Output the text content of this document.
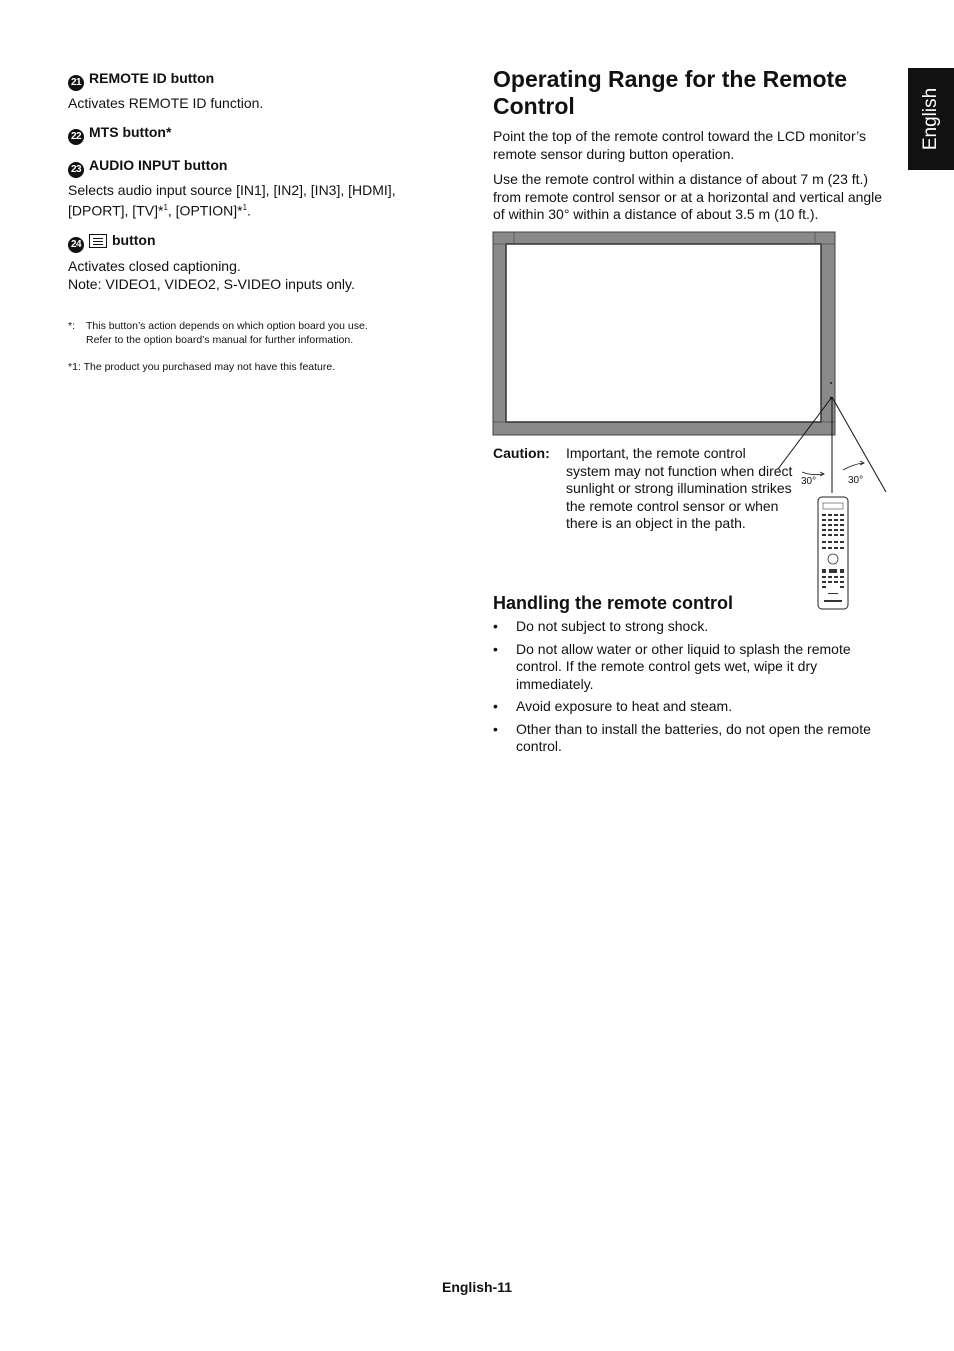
English
21 REMOTE ID button
Activates REMOTE ID function.
22 MTS button*
23 AUDIO INPUT button
Selects audio input source [IN1], [IN2], [IN3], [HDMI],
[DPORT], [TV]*$^1$, [OPTION]*$^1$.
24 button
Activates closed captioning.
Note: VIDEO1, VIDEO2, S-VIDEO inputs only.
*: This button’s action depends on which option board you use.
Refer to the option board’s manual for further information.
*1: The product you purchased may not have this feature.
Operating Range for the Remote
Control

Point the top of the remote control toward the LCD monitor’s remote sensor during button operation.

Use the remote control within a distance of about 7 m (23 ft.) from remote control sensor or at a horizontal and vertical angle of within 30° within a distance of about 3.5 m (10 ft.).

30°	30°
Caution: Important, the remote control system may not function when direct sunlight or strong illumination strikes the remote control sensor or when there is an object in the path.
Handling the remote control
• Do not subject to strong shock.
• Do not allow water or other liquid to splash the remote control. If the remote control gets wet, wipe it dry immediately.
• Avoid exposure to heat and steam.
• Other than to install the batteries, do not open the remote control.
English-11
